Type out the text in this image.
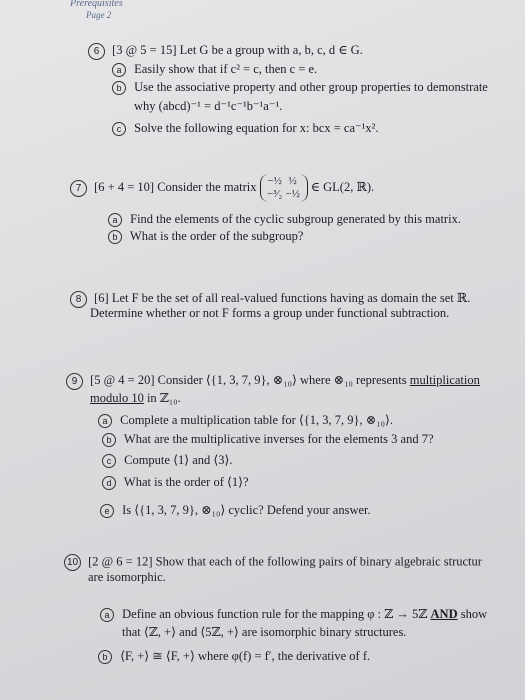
Prerequisites
Page 2
6 [3 @ 5 = 15] Let G be a group with a, b, c, d ∈ G.
a Easily show that if c² = c, then c = e.
b Use the associative property and other group properties to demonstrate
why (abcd)⁻¹ = d⁻¹c⁻¹b⁻¹a⁻¹.
c Solve the following equation for x: bcx = ca⁻¹x².
7 [6 + 4 = 10] Consider the matrix −½ ½
−³⁄₂ −½
∈ GL(2, ℝ).
a Find the elements of the cyclic subgroup generated by this matrix.
b What is the order of the subgroup?
8 [6] Let F be the set of all real-valued functions having as domain the set ℝ.
Determine whether or not F forms a group under functional subtraction.
9 [5 @ 4 = 20] Consider ⟨{1, 3, 7, 9}, ⊗₁₀⟩ where ⊗₁₀ represents multiplication
modulo 10 in ℤ₁₀.
a Complete a multiplication table for ⟨{1, 3, 7, 9}, ⊗₁₀⟩.
b What are the multiplicative inverses for the elements 3 and 7?
c Compute ⟨1⟩ and ⟨3⟩.
d What is the order of ⟨1⟩?
e Is ⟨{1, 3, 7, 9}, ⊗₁₀⟩ cyclic? Defend your answer.
10 [2 @ 6 = 12] Show that each of the following pairs of binary algebraic structur
are isomorphic.
a Define an obvious function rule for the mapping φ : ℤ → 5ℤ AND show
that ⟨ℤ, +⟩ and ⟨5ℤ, +⟩ are isomorphic binary structures.
b ⟨F, +⟩ ≅ ⟨F, +⟩ where φ(f) = f′, the derivative of f.
